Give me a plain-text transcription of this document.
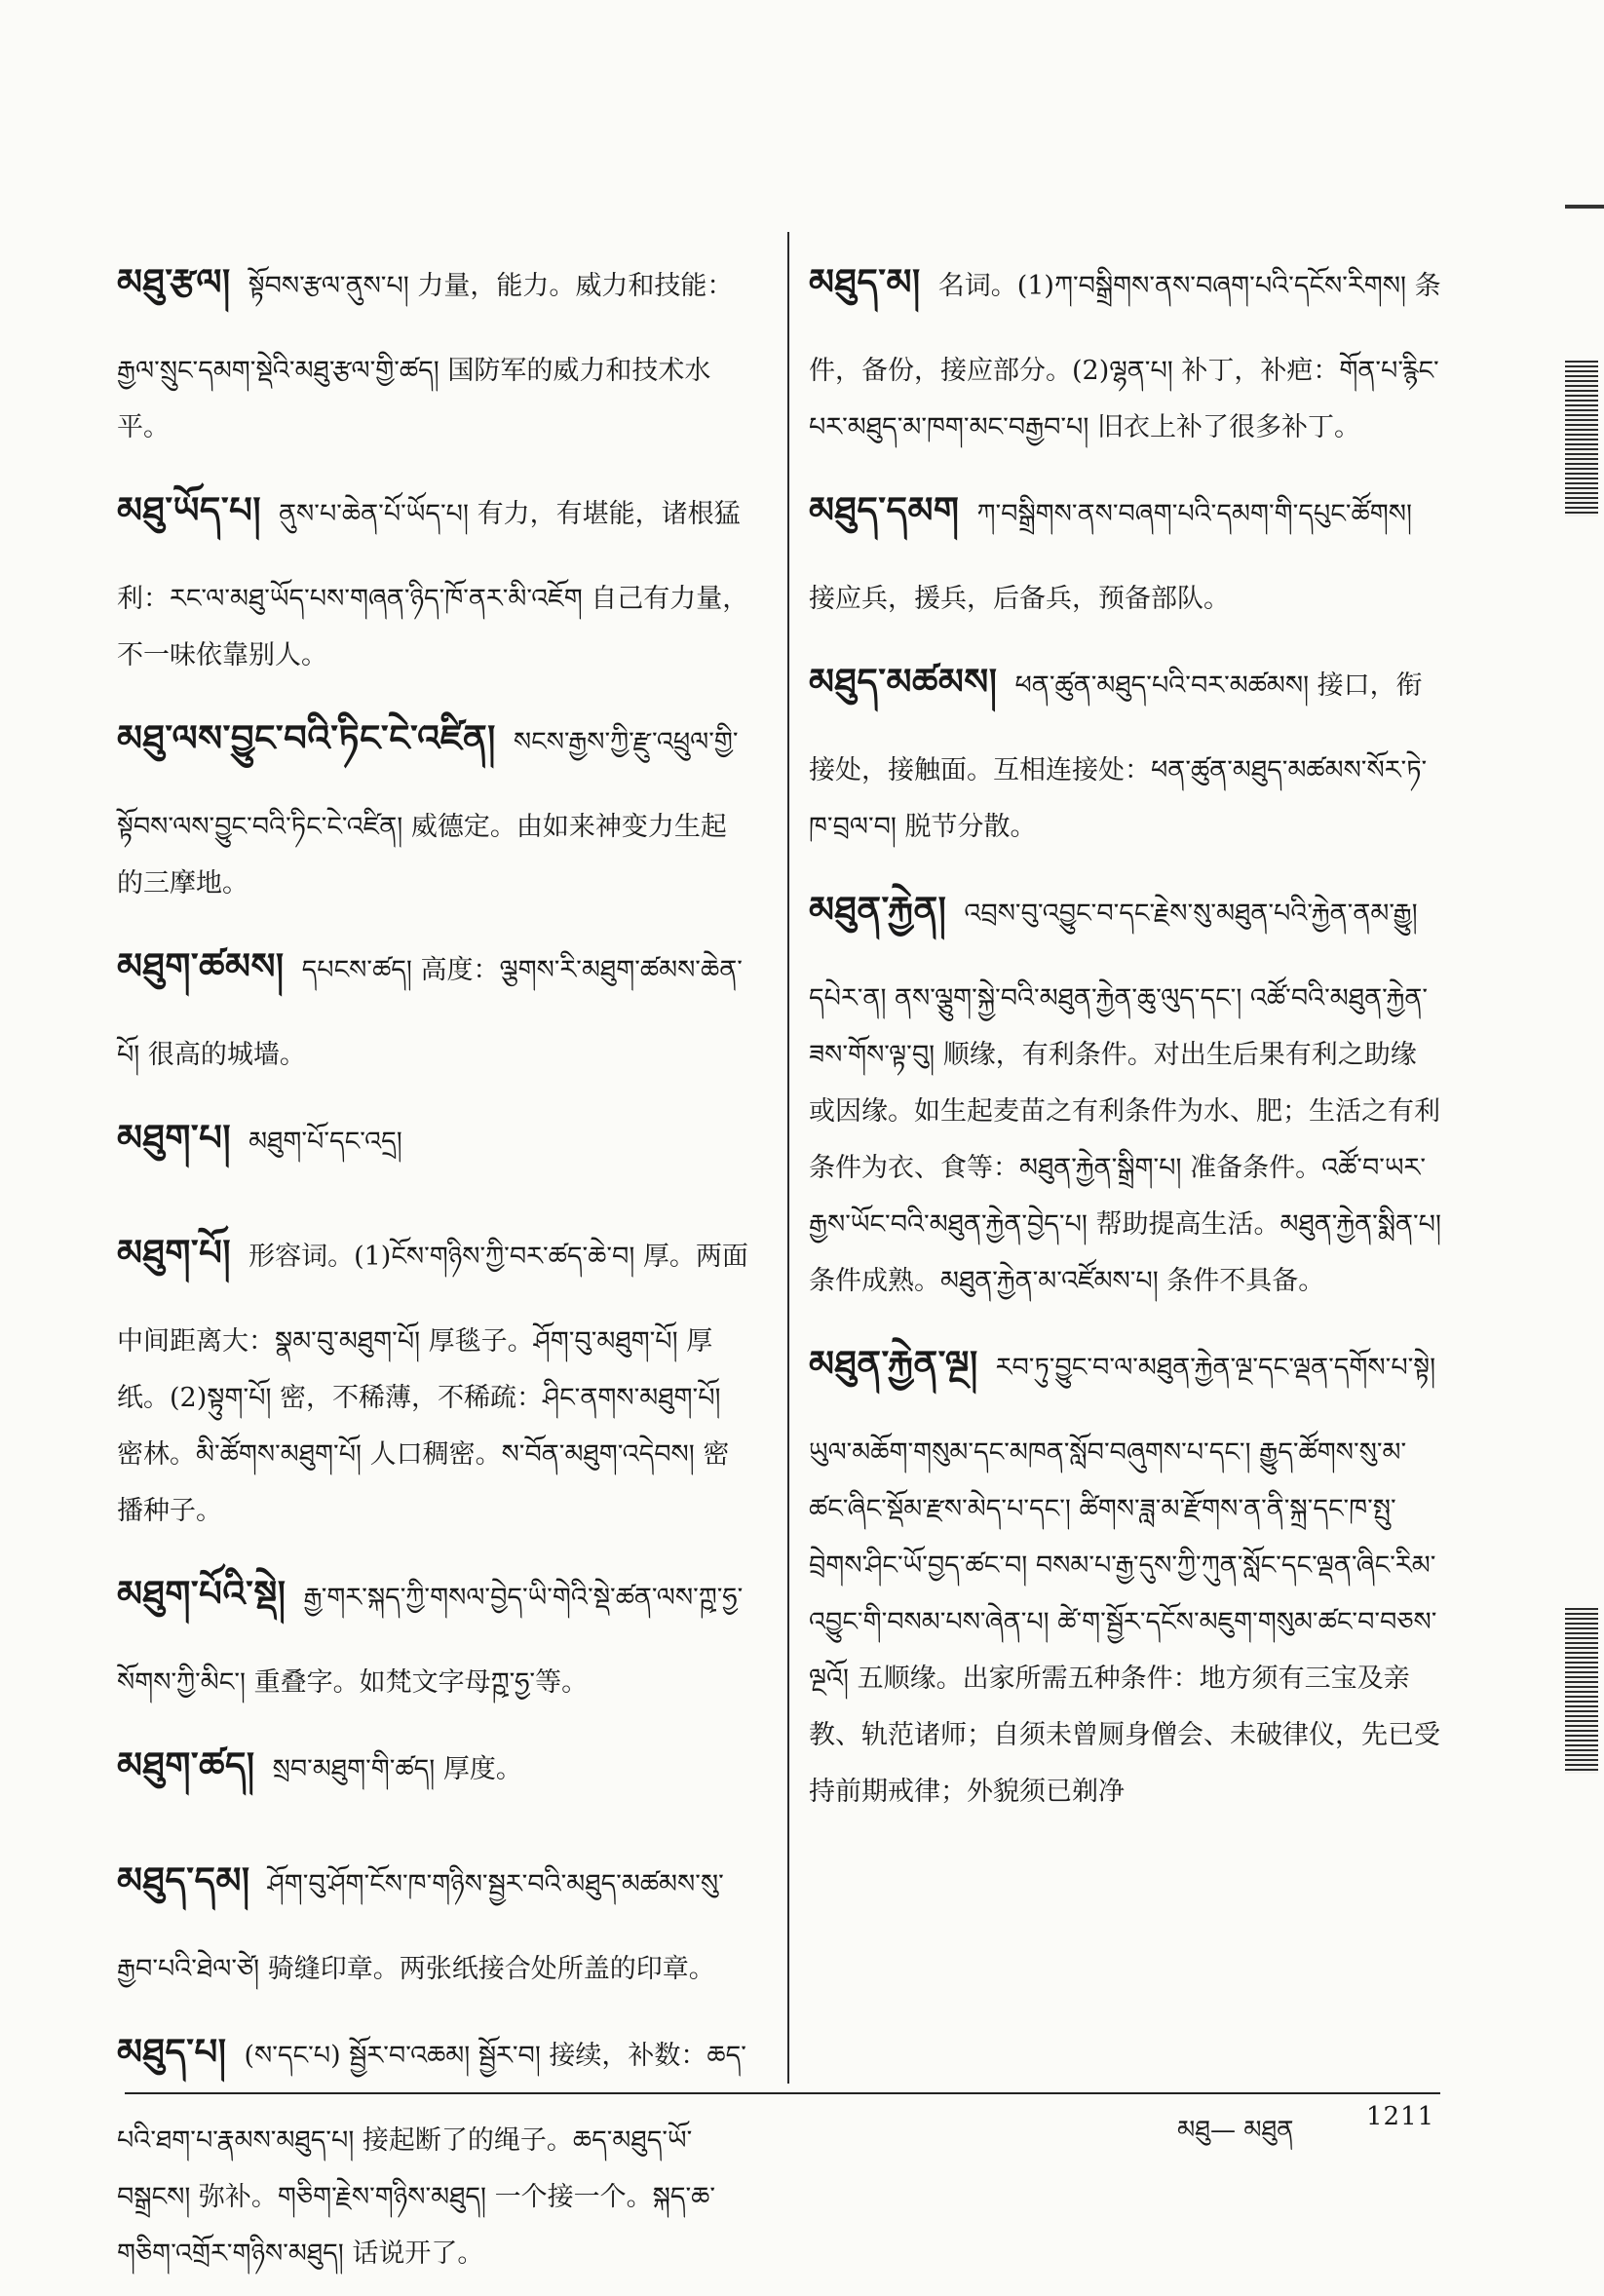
མཐུ་རྩལ། སྟོབས་རྩལ་ནུས་པ། 力量，能力。威力和技能：རྒྱལ་སྲུང་དམག་སྡེའི་མཐུ་རྩལ་གྱི་ཚད། 国防军的威力和技术水平。
མཐུ་ཡོད་པ། ནུས་པ་ཆེན་པོ་ཡོད་པ། 有力，有堪能，诸根猛利：རང་ལ་མཐུ་ཡོད་པས་གཞན་ཉིད་ཁོ་ནར་མི་འཇོག 自己有力量，不一味依靠别人。
མཐུ་ལས་བྱུང་བའི་ཏིང་ངེ་འཛིན། སངས་རྒྱས་ཀྱི་རྫུ་འཕྲུལ་གྱི་སྟོབས་ལས་བྱུང་བའི་ཏིང་ངེ་འཛིན། 威德定。由如来神变力生起的三摩地。
མཐུག་ཚམས། དཔངས་ཚད། 高度：ལྕགས་རི་མཐུག་ཚམས་ཆེན་པོ། 很高的城墙。
མཐུག་པ། མཐུག་པོ་དང་འདྲ།
མཐུག་པོ། 形容词。(1)ངོས་གཉིས་ཀྱི་བར་ཚད་ཆེ་བ། 厚。两面中间距离大：སྣམ་བུ་མཐུག་པོ། 厚毯子。ཤོག་བུ་མཐུག་པོ། 厚纸。(2)སྟུག་པོ། 密，不稀薄，不稀疏：ཤིང་ནགས་མཐུག་པོ། 密林。མི་ཚོགས་མཐུག་པོ། 人口稠密。ས་བོན་མཐུག་འདེབས། 密播种子。
མཐུག་པོའི་སྡེ། རྒྱ་གར་སྐད་ཀྱི་གསལ་བྱེད་ཡི་གེའི་སྡེ་ཚན་ལས་ཀྵ་ཧྱ་སོགས་ཀྱི་མིང་། 重叠字。如梵文字母ཀྵ་ཧྱ་等。
མཐུག་ཚད། སྲབ་མཐུག་གི་ཚད། 厚度。
མཐུད་དམ། ཤོག་བུ་ཤོག་ངོས་ཁ་གཉིས་སྦྱར་བའི་མཐུད་མཚམས་སུ་རྒྱབ་པའི་ཐེལ་ཙེ། 骑缝印章。两张纸接合处所盖的印章。
མཐུད་པ། (ས་དང་པ) སྦྱོར་བ་འཆམ། སྦྱོར་བ། 接续，补数：ཆད་པའི་ཐག་པ་རྣམས་མཐུད་པ། 接起断了的绳子。ཆད་མཐུད་ཡོ་བསྒྲངས། 弥补。གཅིག་རྗེས་གཉིས་མཐུད། 一个接一个。སྐད་ཆ་གཅིག་འགྲོར་གཉིས་མཐུད། 话说开了。
མཐུད་མ། 名词。(1)ཀ་བསྒྲིགས་ནས་བཞག་པའི་དངོས་རིགས། 条件，备份，接应部分。(2)ལྷན་པ། 补丁，补疤：གོན་པ་རྙིང་པར་མཐུད་མ་ཁག་མང་བརྒྱབ་པ། 旧衣上补了很多补丁。
མཐུད་དམག ཀ་བསྒྲིགས་ནས་བཞག་པའི་དམག་གི་དཔུང་ཚོགས། 接应兵，援兵，后备兵，预备部队。
མཐུད་མཚམས། ཕན་ཚུན་མཐུད་པའི་བར་མཚམས། 接口，衔接处，接触面。互相连接处：ཕན་ཚུན་མཐུད་མཚམས་སོར་ཏེ་ཁ་བྲལ་བ། 脱节分散。
མཐུན་རྐྱེན། འབྲས་བུ་འབྱུང་བ་དང་རྗེས་སུ་མཐུན་པའི་རྐྱེན་ནམ་རྒྱུ། དཔེར་ན། ནས་ལྕུག་སྐྱེ་བའི་མཐུན་རྐྱེན་ཆུ་ལུད་དང་། འཚོ་བའི་མཐུན་རྐྱེན་ཟས་གོས་ལྟ་བུ། 顺缘，有利条件。对出生后果有利之助缘或因缘。如生起麦苗之有利条件为水、肥；生活之有利条件为衣、食等：མཐུན་རྐྱེན་སྒྲིག་པ། 准备条件。འཚོ་བ་ཡར་རྒྱས་ཡོང་བའི་མཐུན་རྐྱེན་བྱེད་པ། 帮助提高生活。མཐུན་རྐྱེན་སྨིན་པ། 条件成熟。མཐུན་རྐྱེན་མ་འཛོམས་པ། 条件不具备。
མཐུན་རྐྱེན་ལྔ། རབ་ཏུ་བྱུང་བ་ལ་མཐུན་རྐྱེན་ལྔ་དང་ལྡན་དགོས་པ་སྟེ། ཡུལ་མཆོག་གསུམ་དང་མཁན་སློབ་བཞུགས་པ་དང་། རྒྱུད་ཚོགས་སུ་མ་ཚང་ཞིང་སྡོམ་རྫས་མེད་པ་དང་། ཚིགས་ཟླ་མ་རྫོགས་ན་ནི་སྐྲ་དང་ཁ་སྤུ་བྲེགས་ཤིང་ཡོ་བྱད་ཚང་བ། བསམ་པ་རྒྱ་དུས་ཀྱི་ཀུན་སློང་དང་ལྡན་ཞིང་རིམ་འབྱུང་གི་བསམ་པས་ཞེན་པ། ཚེ་ག་སྦྱོར་དངོས་མཇུག་གསུམ་ཚང་བ་བཅས་ལྔའོ། 五顺缘。出家所需五种条件：地方须有三宝及亲教、轨范诸师；自须未曾厕身僧会、未破律仪，先已受持前期戒律；外貌须已剃净
མཐུ— མཐུན	1211
